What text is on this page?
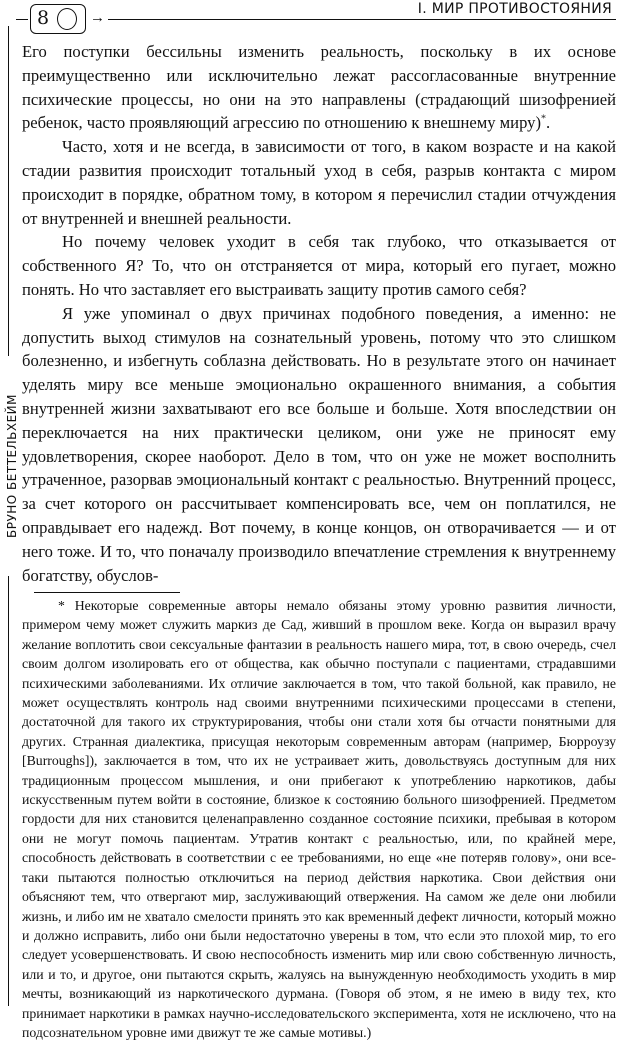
8	→
I. МИР ПРОТИВОСТОЯНИЯ
БРУНО БЕТТЕЛЬХЕЙМ

Его поступки бессильны изменить реальность, поскольку в их основе преимущественно или исключительно лежат рассогласованные внутренние психические процессы, но они на это направлены (страдающий шизофренией ребенок, часто проявляющий агрессию по отношению к внешнему миру)*.

Часто, хотя и не всегда, в зависимости от того, в каком возрасте и на какой стадии развития происходит тотальный уход в себя, разрыв контакта с миром происходит в порядке, обратном тому, в котором я перечислил стадии отчуждения от внутренней и внешней реальности.

Но почему человек уходит в себя так глубоко, что отказывается от собственного Я? То, что он отстраняется от мира, который его пугает, можно понять. Но что заставляет его выстраивать защиту против самого себя?

Я уже упоминал о двух причинах подобного поведения, а именно: не допустить выход стимулов на сознательный уровень, потому что это слишком болезненно, и избегнуть соблазна действовать. Но в результате этого он начинает уделять миру все меньше эмоционально окрашенного внимания, а события внутренней жизни захватывают его все больше и больше. Хотя впоследствии он переключается на них практически целиком, они уже не приносят ему удовлетворения, скорее наоборот. Дело в том, что он уже не может восполнить утраченное, разорвав эмоциональный контакт с реальностью. Внутренний процесс, за счет которого он рассчитывает компенсировать все, чем он поплатился, не оправдывает его надежд. Вот почему, в конце концов, он отворачивается — и от него тоже. И то, что поначалу производило впечатление стремления к внутреннему богатству, обуслов-

* Некоторые современные авторы немало обязаны этому уровню развития личности, примером чему может служить маркиз де Сад, живший в прошлом веке. Когда он выразил врачу желание воплотить свои сексуальные фантазии в реальность нашего мира, тот, в свою очередь, счел своим долгом изолировать его от общества, как обычно поступали с пациентами, страдавшими психическими заболеваниями. Их отличие заключается в том, что такой больной, как правило, не может осуществлять контроль над своими внутренними психическими процессами в степени, достаточной для такого их структурирования, чтобы они стали хотя бы отчасти понятными для других. Странная диалектика, присущая некоторым современным авторам (например, Бюрроузу [Burroughs]), заключается в том, что их не устраивает жить, довольствуясь доступным для них традиционным процессом мышления, и они прибегают к употреблению наркотиков, дабы искусственным путем войти в состояние, близкое к состоянию больного шизофренией. Предметом гордости для них становится целенаправленно созданное состояние психики, пребывая в котором они не могут помочь пациентам. Утратив контакт с реальностью, или, по крайней мере, способность действовать в соответствии с ее требованиями, но еще «не потеряв голову», они все-таки пытаются полностью отключиться на период действия наркотика. Свои действия они объясняют тем, что отвергают мир, заслуживающий отвержения. На самом же деле они любили жизнь, и либо им не хватало смелости принять это как временный дефект личности, который можно и должно исправить, либо они были недостаточно уверены в том, что если это плохой мир, то его следует усовершенствовать. И свою неспособность изменить мир или свою собственную личность, или и то, и другое, они пытаются скрыть, жалуясь на вынужденную необходимость уходить в мир мечты, возникающий из наркотического дурмана. (Говоря об этом, я не имею в виду тех, кто принимает наркотики в рамках научно-исследовательского эксперимента, хотя не исключено, что на подсознательном уровне ими движут те же самые мотивы.)
